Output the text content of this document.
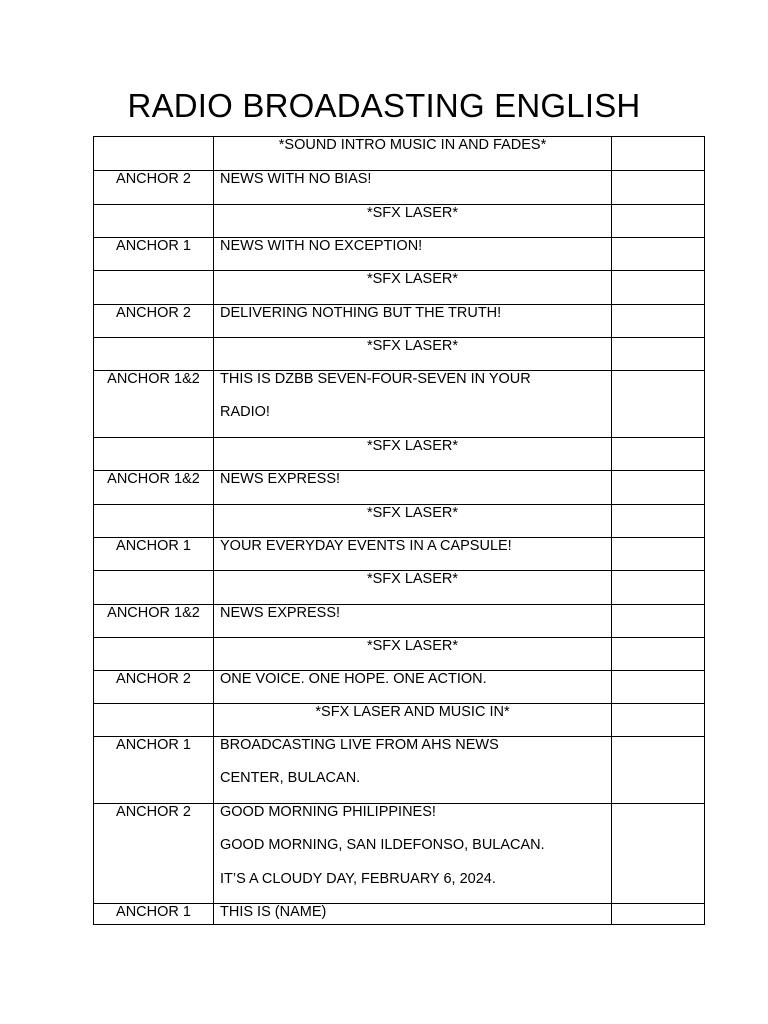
RADIO BROADASTING ENGLISH

	*SOUND INTRO MUSIC IN AND FADES*	

ANCHOR 2	NEWS WITH NO BIAS!	

	*SFX LASER*	

ANCHOR 1	NEWS WITH NO EXCEPTION!	

	*SFX LASER*	

ANCHOR 2	DELIVERING NOTHING BUT THE TRUTH!	

	*SFX LASER*	

ANCHOR 1&2	THIS IS DZBB SEVEN-FOUR-SEVEN IN YOUR
RADIO!	

	*SFX LASER*	

ANCHOR 1&2	NEWS EXPRESS!	

	*SFX LASER*	

ANCHOR 1	YOUR EVERYDAY EVENTS IN A CAPSULE!	

	*SFX LASER*	

ANCHOR 1&2	NEWS EXPRESS!	

	*SFX LASER*	

ANCHOR 2	ONE VOICE. ONE HOPE. ONE ACTION.	

	*SFX LASER AND MUSIC IN*	

ANCHOR 1	BROADCASTING LIVE FROM AHS NEWS
CENTER, BULACAN.	

ANCHOR 2	GOOD MORNING PHILIPPINES!
GOOD MORNING, SAN ILDEFONSO, BULACAN.
IT’S A CLOUDY DAY, FEBRUARY 6, 2024.	

ANCHOR 1	THIS IS (NAME)	
